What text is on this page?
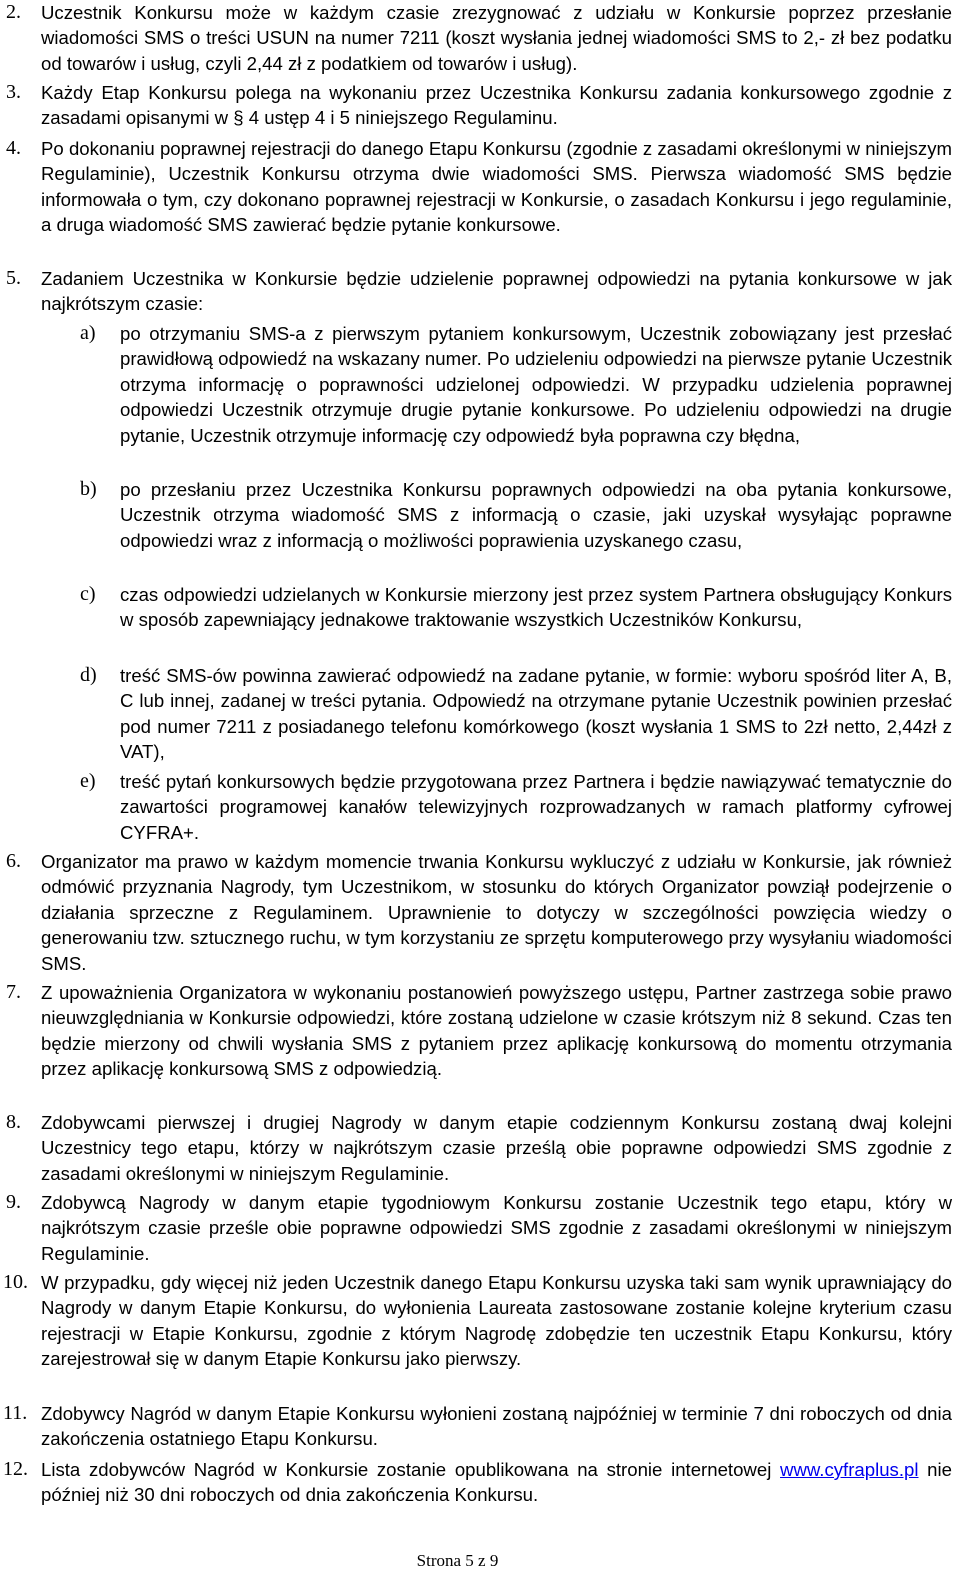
2.	Uczestnik Konkursu może w każdym czasie zrezygnować z udziału w Konkursie poprzez przesłanie wiadomości SMS o treści USUN na numer 7211 (koszt wysłania jednej wiadomości SMS to 2,- zł bez podatku od towarów i usług, czyli 2,44 zł z podatkiem od towarów i usług).
3.	Każdy Etap Konkursu polega na wykonaniu przez Uczestnika Konkursu zadania konkursowego zgodnie z zasadami opisanymi w § 4 ustęp 4 i 5 niniejszego Regulaminu.
4.	Po dokonaniu poprawnej rejestracji do danego Etapu Konkursu (zgodnie z zasadami określonymi w niniejszym Regulaminie), Uczestnik Konkursu otrzyma dwie wiadomości SMS. Pierwsza wiadomość SMS będzie informowała o tym, czy dokonano poprawnej rejestracji w Konkursie, o zasadach Konkursu i jego regulaminie, a druga wiadomość SMS zawierać będzie pytanie konkursowe.
5.	Zadaniem Uczestnika w Konkursie będzie udzielenie poprawnej odpowiedzi na pytania konkursowe w jak najkrótszym czasie:
a)	po otrzymaniu SMS-a z pierwszym pytaniem konkursowym, Uczestnik zobowiązany jest przesłać prawidłową odpowiedź na wskazany numer. Po udzieleniu odpowiedzi na pierwsze pytanie Uczestnik otrzyma informację o poprawności udzielonej odpowiedzi. W przypadku udzielenia poprawnej odpowiedzi Uczestnik otrzymuje drugie pytanie konkursowe. Po udzieleniu odpowiedzi na drugie pytanie, Uczestnik otrzymuje informację czy odpowiedź była poprawna czy błędna,
b)	po przesłaniu przez Uczestnika Konkursu poprawnych odpowiedzi na oba pytania konkursowe, Uczestnik otrzyma wiadomość SMS z informacją o czasie, jaki uzyskał wysyłając poprawne odpowiedzi wraz z informacją o możliwości poprawienia uzyskanego czasu,
c)	czas odpowiedzi udzielanych w Konkursie mierzony jest przez system Partnera obsługujący Konkurs w sposób zapewniający jednakowe traktowanie wszystkich Uczestników Konkursu,
d)	treść SMS-ów powinna zawierać odpowiedź na zadane pytanie, w formie: wyboru spośród liter A, B, C lub innej, zadanej w treści pytania. Odpowiedź na otrzymane pytanie Uczestnik powinien przesłać pod numer 7211 z posiadanego telefonu komórkowego (koszt wysłania 1 SMS to 2zł netto, 2,44zł z VAT),
e)	treść pytań konkursowych będzie przygotowana przez Partnera i będzie nawiązywać tematycznie do zawartości programowej kanałów telewizyjnych rozprowadzanych w ramach platformy cyfrowej CYFRA+.
6.	Organizator ma prawo w każdym momencie trwania Konkursu wykluczyć z udziału w Konkursie, jak również odmówić przyznania Nagrody, tym Uczestnikom, w stosunku do których Organizator powziął podejrzenie o działania sprzeczne z Regulaminem. Uprawnienie to dotyczy w szczególności powzięcia wiedzy o generowaniu tzw. sztucznego ruchu, w tym korzystaniu ze sprzętu komputerowego przy wysyłaniu wiadomości SMS.
7.	Z upoważnienia Organizatora w wykonaniu postanowień powyższego ustępu, Partner zastrzega sobie prawo nieuwzględniania w Konkursie odpowiedzi, które zostaną udzielone w czasie krótszym niż 8 sekund. Czas ten będzie mierzony od chwili wysłania SMS z pytaniem przez aplikację konkursową do momentu otrzymania przez aplikację konkursową SMS z odpowiedzią.
8.	Zdobywcami pierwszej i drugiej Nagrody w danym etapie codziennym Konkursu zostaną dwaj kolejni Uczestnicy tego etapu, którzy w najkrótszym czasie prześlą obie poprawne odpowiedzi SMS zgodnie z zasadami określonymi w niniejszym Regulaminie.
9.	Zdobywcą Nagrody w danym etapie tygodniowym Konkursu zostanie Uczestnik tego etapu, który w najkrótszym czasie prześle obie poprawne odpowiedzi SMS zgodnie z zasadami określonymi w niniejszym Regulaminie.
10. W przypadku, gdy więcej niż jeden Uczestnik danego Etapu Konkursu uzyska taki sam wynik uprawniający do Nagrody w danym Etapie Konkursu, do wyłonienia Laureata zastosowane zostanie kolejne kryterium czasu rejestracji w Etapie Konkursu, zgodnie z którym Nagrodę zdobędzie ten uczestnik Etapu Konkursu, który zarejestrował się w danym Etapie Konkursu jako pierwszy.
11. Zdobywcy Nagród w danym Etapie Konkursu wyłonieni zostaną najpóźniej w terminie 7 dni roboczych od dnia zakończenia ostatniego Etapu Konkursu.
12. Lista zdobywców Nagród w Konkursie zostanie opublikowana na stronie internetowej www.cyfraplus.pl nie później niż 30 dni roboczych od dnia zakończenia Konkursu.
Strona 5 z 9
